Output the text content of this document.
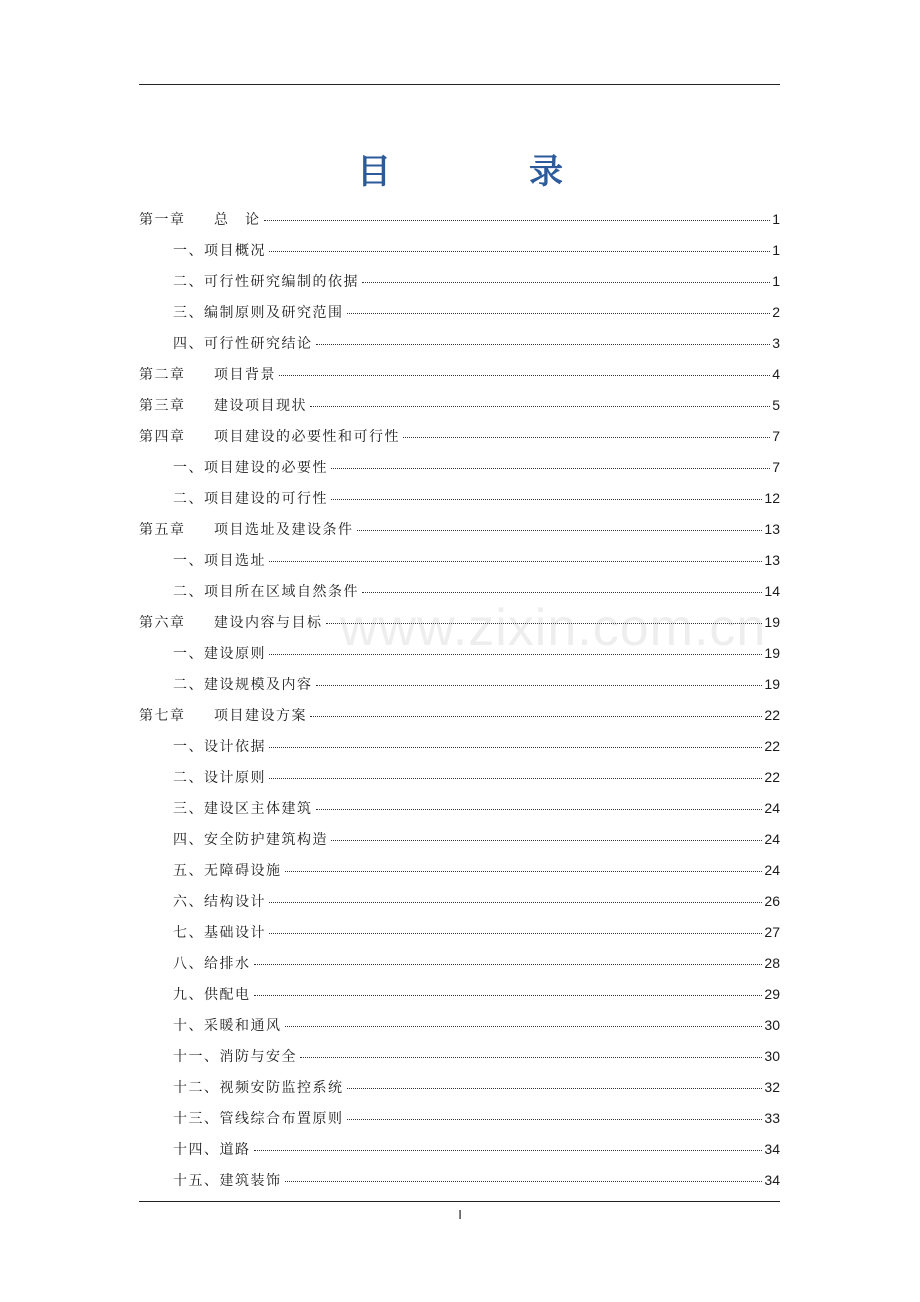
目　录
第一章 总　论	1
一、项目概况	1
二、可行性研究编制的依据	1
三、编制原则及研究范围	2
四、可行性研究结论	3
第二章 项目背景	4
第三章 建设项目现状	5
第四章 项目建设的必要性和可行性	7
一、项目建设的必要性	7
二、项目建设的可行性	12
第五章 项目选址及建设条件	13
一、项目选址	13
二、项目所在区域自然条件	14
第六章 建设内容与目标	19
一、建设原则	19
二、建设规模及内容	19
第七章 项目建设方案	22
一、设计依据	22
二、设计原则	22
三、建设区主体建筑	24
四、安全防护建筑构造	24
五、无障碍设施	24
六、结构设计	26
七、基础设计	27
八、给排水	28
九、供配电	29
十、采暖和通风	30
十一、消防与安全	30
十二、视频安防监控系统	32
十三、管线综合布置原则	33
十四、道路	34
十五、建筑装饰	34
www.zixin.com.cn
I
